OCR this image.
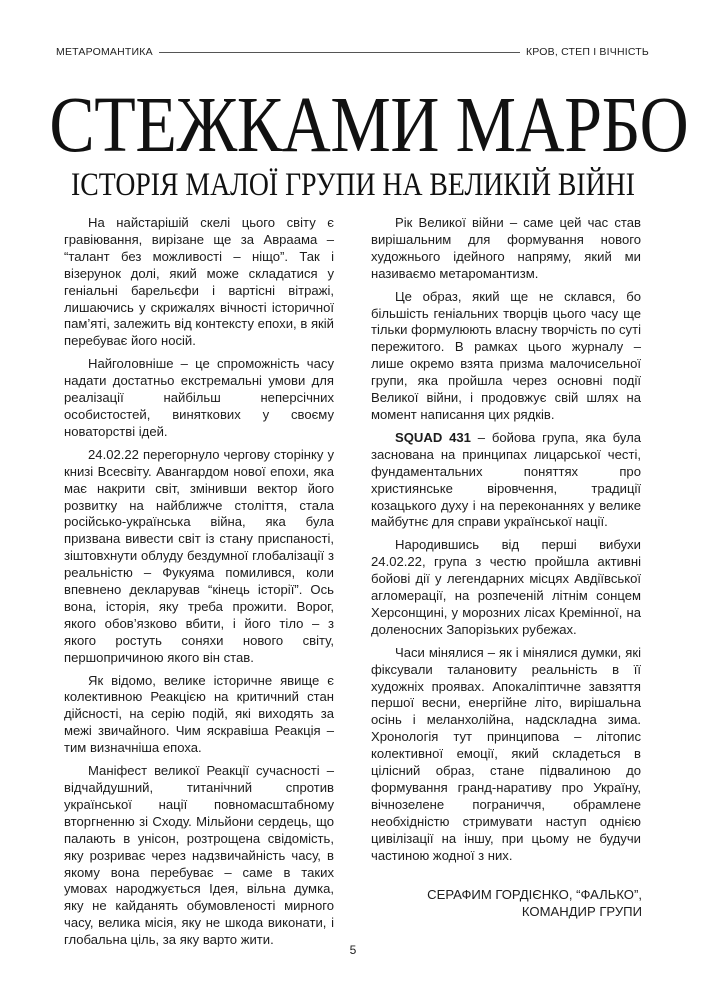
МЕТАРОМАНТИКА	КРОВ, СТЕП І ВІЧНІСТЬ
СТЕЖКАМИ МАРБО
ІСТОРІЯ МАЛОЇ ГРУПИ НА ВЕЛИКІЙ ВІЙНІ

На найстарішій скелі цього світу є гравіювання, вирізане ще за Авраама – “талант без можливості – ніщо”. Так і візерунок долі, який може складатися у геніальні барельєфи і вартісні вітражі, лишаючись у скрижалях вічності історичної пам’яті, залежить від контексту епохи, в якій перебуває його носій.

Найголовніше – це спроможність часу надати достатньо екстремальні умови для реалізації найбільш неперсічних особистостей, винятковиx у своєму новаторстві ідей.

24.02.22 перегорнуло чергову сторінку у книзі Всесвіту. Авангардом нової епохи, яка має накрити світ, змінивши вектор його розвитку на найближче століття, стала російсько-українська війна, яка була призвана вивести світ із стану приспаності, зіштовхнути облуду бездумної глобалізації з реальністю – Фукуяма помилився, коли впевнено декларував “кінець історії”. Ось вона, історія, яку треба прожити. Ворог, якого обов’язково вбити, і його тіло – з якого ростуть соняхи нового світу, першопричиною якого він став.

Як відомо, велике історичне явище є колективною Реакцією на критичний стан дійсності, на серію подій, які виходять за межі звичайного. Чим яскравіша Реакція – тим визначніша епоха.

Маніфест великої Реакції сучасності – відчайдушний, титанічний спротив української нації повномасштабному вторгненню зі Сходу. Мільйони сердець, що палають в унісон, розтрощена свідомість, яку розриває через надзвичайність часу, в якому вона перебуває – саме в таких умовах народжується Ідея, вільна думка, яку не кайданять обумовленості мирного часу, велика місія, яку не шкода виконати, і глобальна ціль, за яку варто жити.

Рік Великої війни – саме цей час став вирішальним для формування нового художнього ідейного напряму, який ми називаємо метаромантизм.

Це образ, який ще не склався, бо більшість геніальних творців цього часу ще тільки формулюють власну творчість по суті пережитого. В рамках цього журналу – лише окремо взята призма малочисельної групи, яка пройшла через основні події Великої війни, і продовжує свій шлях на момент написання цих рядків.

SQUAD 431 – бойова група, яка була заснована на принципах лицарської честі, фундаментальних поняттях про християнське віровчення, традиції козацького духу і на переконаннях у велике майбутнє для справи української нації.

Народившись від перші вибухи 24.02.22, група з честю пройшла активні бойові дії у легендарних місцях Авдіївської агломерації, на розпеченій літнім сонцем Херсонщині, у морозних лісах Кремінної, на доленосних Запорізьких рубежах.

Часи мінялися – як і мінялися думки, які фіксували талановиту реальність в її художніх проявах. Апокаліптичне завзяття першої весни, енергійне літо, вирішальна осінь і меланхолійна, надскладна зима. Хронологія тут принципова – літопис колективної емоції, який складеться в цілісний образ, стане підвалиною до формування гранд-наративу про Україну, вічнозелене пограниччя, обрамлене необхідністю стримувати наступ однією цивілізації на іншу, при цьому не будучи частиною жодної з них.

СЕРАФИМ ГОРДІЄНКО, “ФАЛЬКО”,
КОМАНДИР ГРУПИ
5
